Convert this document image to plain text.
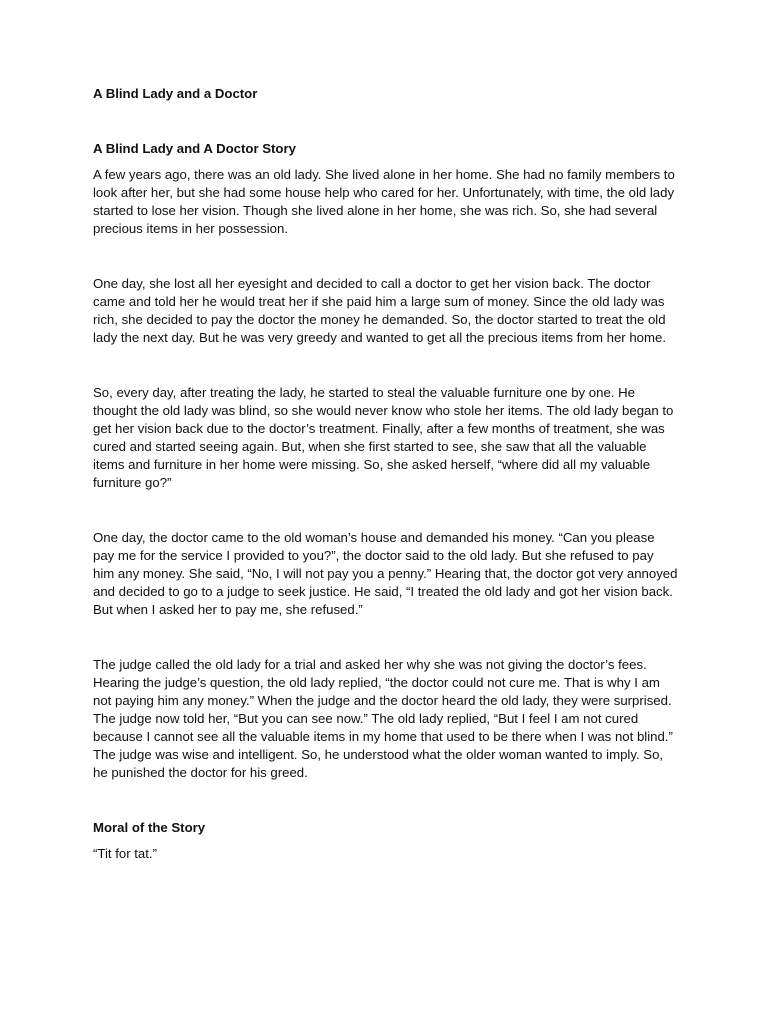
A Blind Lady and a Doctor

A Blind Lady and A Doctor Story

A few years ago, there was an old lady. She lived alone in her home. She had no family members to look after her, but she had some house help who cared for her. Unfortunately, with time, the old lady started to lose her vision. Though she lived alone in her home, she was rich. So, she had several precious items in her possession.

One day, she lost all her eyesight and decided to call a doctor to get her vision back. The doctor came and told her he would treat her if she paid him a large sum of money. Since the old lady was rich, she decided to pay the doctor the money he demanded. So, the doctor started to treat the old lady the next day. But he was very greedy and wanted to get all the precious items from her home.

So, every day, after treating the lady, he started to steal the valuable furniture one by one. He thought the old lady was blind, so she would never know who stole her items. The old lady began to get her vision back due to the doctor’s treatment. Finally, after a few months of treatment, she was cured and started seeing again. But, when she first started to see, she saw that all the valuable items and furniture in her home were missing. So, she asked herself, “where did all my valuable furniture go?”

One day, the doctor came to the old woman’s house and demanded his money. “Can you please pay me for the service I provided to you?”, the doctor said to the old lady. But she refused to pay him any money. She said, “No, I will not pay you a penny.” Hearing that, the doctor got very annoyed and decided to go to a judge to seek justice. He said, “I treated the old lady and got her vision back. But when I asked her to pay me, she refused.”

The judge called the old lady for a trial and asked her why she was not giving the doctor’s fees. Hearing the judge’s question, the old lady replied, “the doctor could not cure me. That is why I am not paying him any money.” When the judge and the doctor heard the old lady, they were surprised. The judge now told her, “But you can see now.” The old lady replied, “But I feel I am not cured because I cannot see all the valuable items in my home that used to be there when I was not blind.” The judge was wise and intelligent. So, he understood what the older woman wanted to imply. So, he punished the doctor for his greed.

Moral of the Story

“Tit for tat.”
